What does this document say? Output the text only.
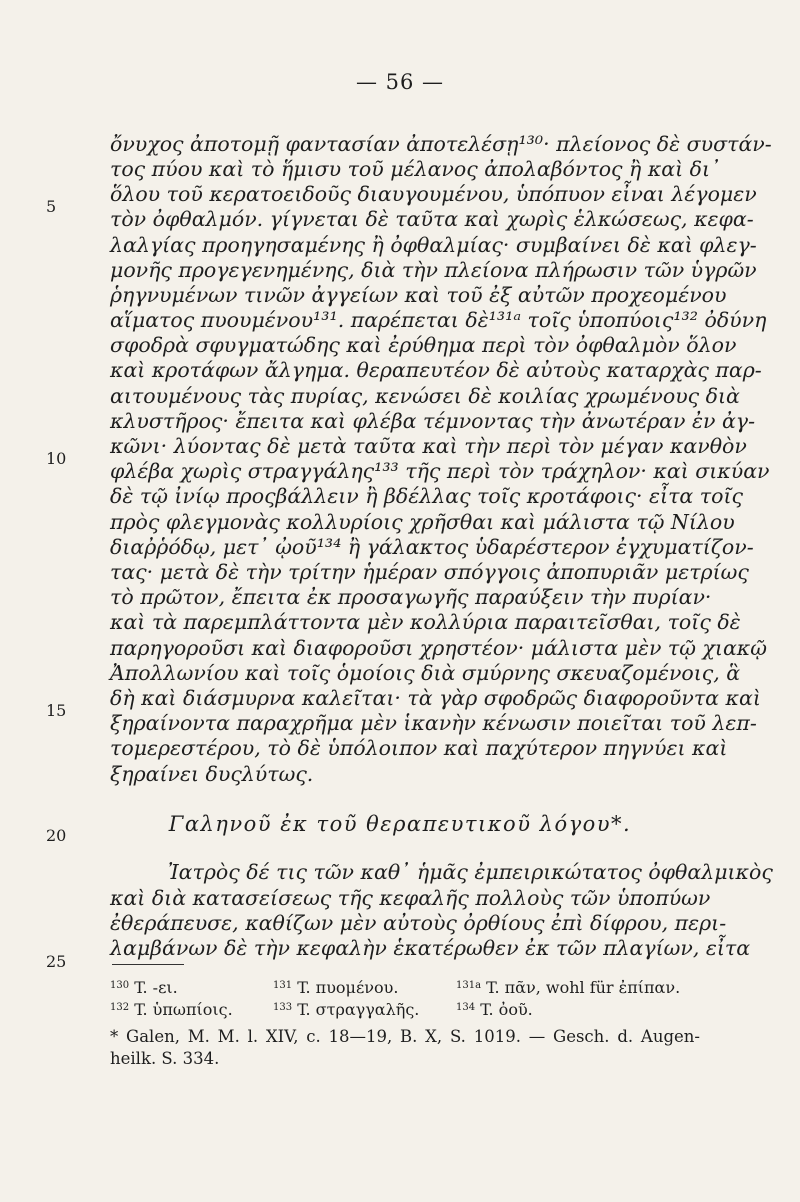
— 56 —
5
10
15
20
25
ὄνυχος ἀποτομῇ φαντασίαν ἀποτελέσῃ¹³⁰· πλείονος δὲ συστάν-
τος πύου καὶ τὸ ἥμισυ τοῦ μέλανος ἀπολαβόντος ἢ καὶ δι᾽
ὅλου τοῦ κερατοειδοῦς διαυγουμένου, ὑπόπυον εἶναι λέγομεν
τὸν ὀφθαλμόν. γίγνεται δὲ ταῦτα καὶ χωρὶς ἑλκώσεως, κεφα-
λαλγίας προηγησαμένης ἢ ὀφθαλμίας· συμβαίνει δὲ καὶ φλεγ-
μονῆς προγεγενημένης, διὰ τὴν πλείονα πλήρωσιν τῶν ὑγρῶν
ῥηγνυμένων τινῶν ἀγγείων καὶ τοῦ ἐξ αὐτῶν προχεομένου
αἵματος πυουμένου¹³¹. παρέπεται δὲ¹³¹ᵃ τοῖς ὑποπύοις¹³² ὀδύνη
σφοδρὰ σφυγματώδης καὶ ἐρύθημα περὶ τὸν ὀφθαλμὸν ὅλον
καὶ κροτάφων ἄλγημα. θεραπευτέον δὲ αὐτοὺς καταρχὰς παρ-
αιτουμένους τὰς πυρίας, κενώσει δὲ κοιλίας χρωμένους διὰ
κλυστῆρος· ἔπειτα καὶ φλέβα τέμνοντας τὴν ἀνωτέραν ἐν ἀγ-
κῶνι· λύοντας δὲ μετὰ ταῦτα καὶ τὴν περὶ τὸν μέγαν κανθὸν
φλέβα χωρὶς στραγγάλης¹³³ τῆς περὶ τὸν τράχηλον· καὶ σικύαν
δὲ τῷ ἰνίῳ προςβάλλειν ἢ βδέλλας τοῖς κροτάφοις· εἶτα τοῖς
πρὸς φλεγμονὰς κολλυρίοις χρῆσθαι καὶ μάλιστα τῷ Νίλου
διαῤῥόδῳ, μετ᾽ ᾠοῦ¹³⁴ ἢ γάλακτος ὑδαρέστερον ἐγχυματίζον-
τας· μετὰ δὲ τὴν τρίτην ἡμέραν σπόγγοις ἀποπυριᾶν μετρίως
τὸ πρῶτον, ἔπειτα ἐκ προσαγωγῆς παραύξειν τὴν πυρίαν·
καὶ τὰ παρεμπλάττοντα μὲν κολλύρια παραιτεῖσθαι, τοῖς δὲ
παρηγοροῦσι καὶ διαφοροῦσι χρηστέον· μάλιστα μὲν τῷ χιακῷ
Ἀπολλωνίου καὶ τοῖς ὁμοίοις διὰ σμύρνης σκευαζομένοις, ἃ
δὴ καὶ διάσμυρνα καλεῖται· τὰ γὰρ σφοδρῶς διαφοροῦντα καὶ
ξηραίνοντα παραχρῆμα μὲν ἱκανὴν κένωσιν ποιεῖται τοῦ λεπ-
τομερεστέρου, τὸ δὲ ὑπόλοιπον καὶ παχύτερον πηγνύει καὶ
ξηραίνει δυςλύτως.
Γαληνοῦ ἐκ τοῦ θεραπευτικοῦ λόγου*.
Ἰατρὸς δέ τις τῶν καθ᾽ ἡμᾶς ἐμπειρικώτατος ὀφθαλμικὸς
καὶ διὰ κατασείσεως τῆς κεφαλῆς πολλοὺς τῶν ὑποπύων
ἐθεράπευσε, καθίζων μὲν αὐτοὺς ὀρθίους ἐπὶ δίφρου, περι-
λαμβάνων δὲ τὴν κεφαλὴν ἑκατέρωθεν ἐκ τῶν πλαγίων, εἶτα
$^{130}$ T. -ει.	$^{131}$ T. πυομένου.	$^{131a}$ T. πᾶν, wohl für ἐπίπαν.
$^{132}$ T. ὑπωπίοις.	$^{133}$ T. στραγγαλῆς.	$^{134}$ T. ὀοῦ.
* Galen, M. M. l. XIV, c. 18—19, B. X, S. 1019. — Gesch. d. Augen-
heilk. S. 334.
